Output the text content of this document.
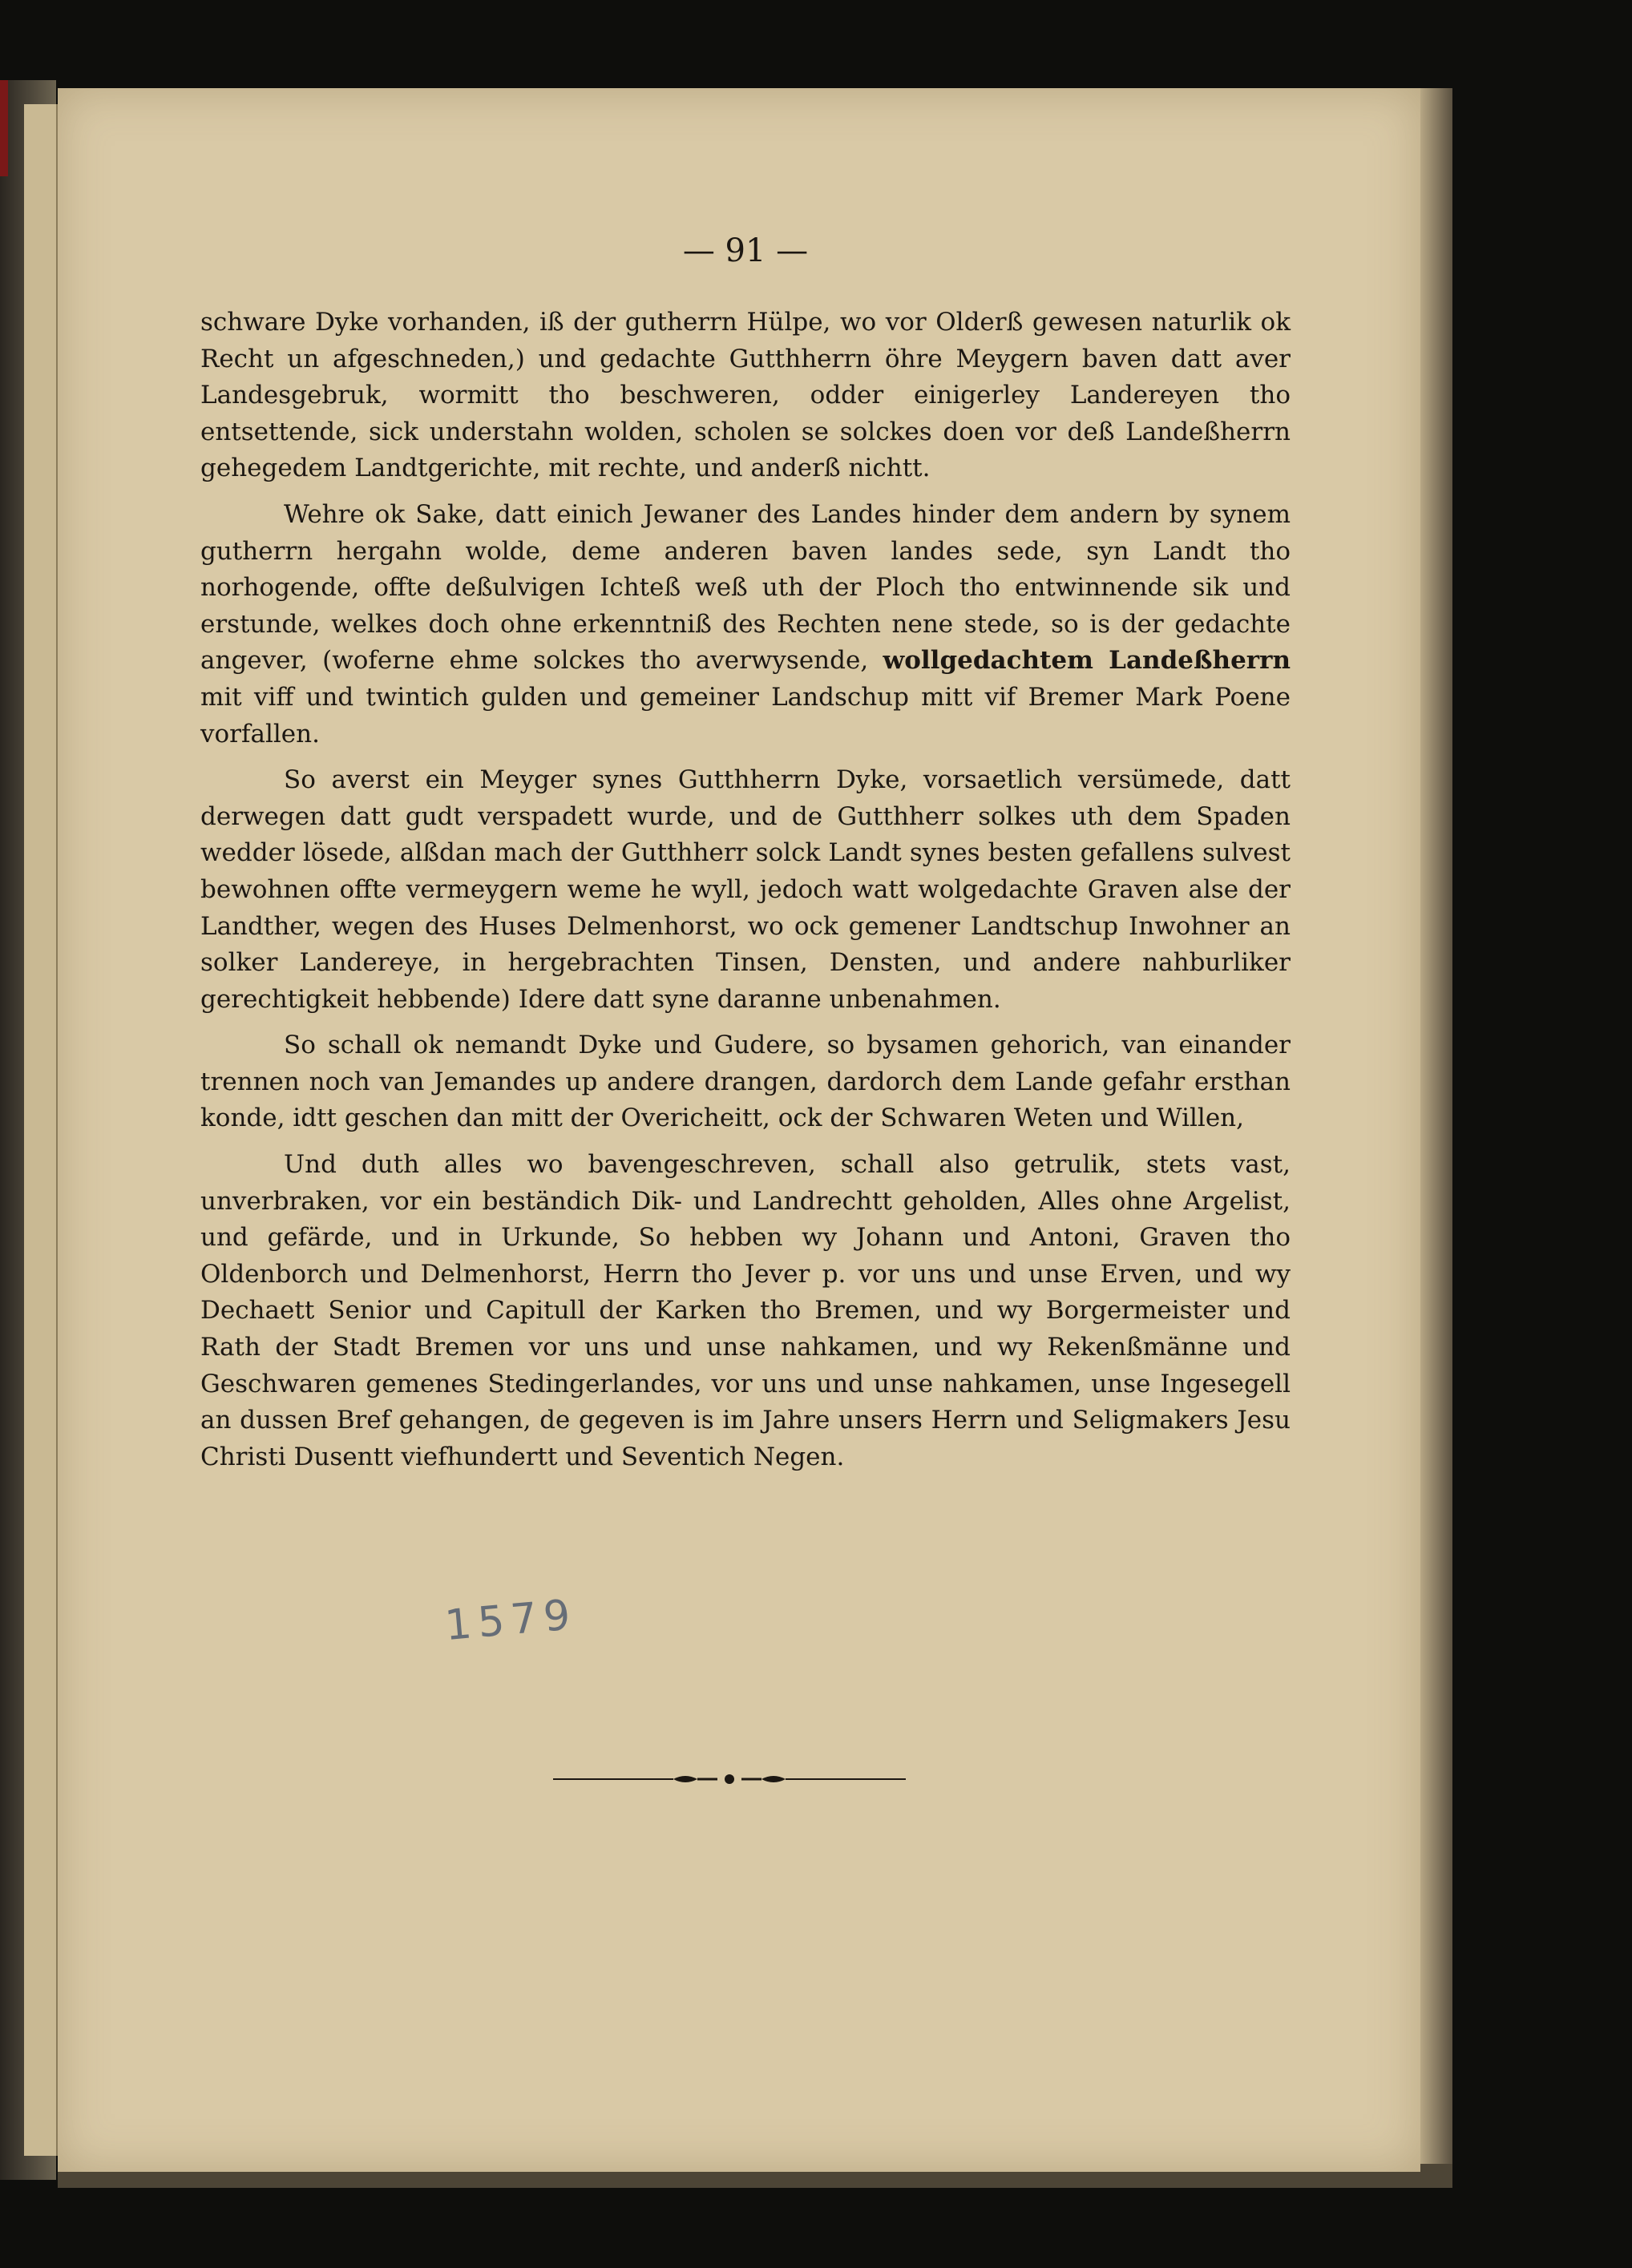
— 91 —

schware Dyke vorhanden, iß der gutherrn Hülpe, wo vor Olderß gewesen naturlik ok Recht un afgeschneden,) und gedachte Gutthherrn öhre Meygern baven datt aver Landesgebruk, wormitt tho beschweren, odder einigerley Landereyen tho entsettende, sick understahn wolden, scholen se solckes doen vor deß Landeßherrn gehegedem Landtgerichte, mit rechte, und anderß nichtt.

Wehre ok Sake, datt einich Jewaner des Landes hinder dem andern by synem gutherrn hergahn wolde, deme anderen baven landes sede, syn Landt tho norhogende, offte deßulvigen Ichteß weß uth der Ploch tho entwinnende sik und erstunde, welkes doch ohne erkenntniß des Rechten nene stede, so is der gedachte angever, (woferne ehme solckes tho averwysende, wollgedachtem Landeßherrn mit viff und twintich gulden und gemeiner Landschup mitt vif Bremer Mark Poene vorfallen.

So averst ein Meyger synes Gutthherrn Dyke, vorsaetlich versümede, datt derwegen datt gudt verspadett wurde, und de Gutthherr solkes uth dem Spaden wedder lösede, alßdan mach der Gutthherr solck Landt synes besten gefallens sulvest bewohnen offte vermeygern weme he wyll, jedoch watt wolgedachte Graven alse der Landther, wegen des Huses Delmenhorst, wo ock gemener Landtschup Inwohner an solker Landereye, in hergebrachten Tinsen, Densten, und andere nahburliker gerechtigkeit hebbende) Idere datt syne daranne unbenahmen.

So schall ok nemandt Dyke und Gudere, so bysamen gehorich, van einander trennen noch van Jemandes up andere drangen, dardorch dem Lande gefahr ersthan konde, idtt geschen dan mitt der Overicheitt, ock der Schwaren Weten und Willen,

Und duth alles wo bavengeschreven, schall also getrulik, stets vast, unverbraken, vor ein beständich Dik- und Landrechtt geholden, Alles ohne Argelist, und gefärde, und in Urkunde, So hebben wy Johann und Antoni, Graven tho Oldenborch und Delmenhorst, Herrn tho Jever p. vor uns und unse Erven, und wy Dechaett Senior und Capitull der Karken tho Bremen, und wy Borgermeister und Rath der Stadt Bremen vor uns und unse nahkamen, und wy Rekenßmänne und Geschwaren gemenes Stedingerlandes, vor uns und unse nahkamen, unse Ingesegell an dussen Bref gehangen, de gegeven is im Jahre unsers Herrn und Seligmakers Jesu Christi Dusentt viefhundertt und Seventich Negen.

1579
